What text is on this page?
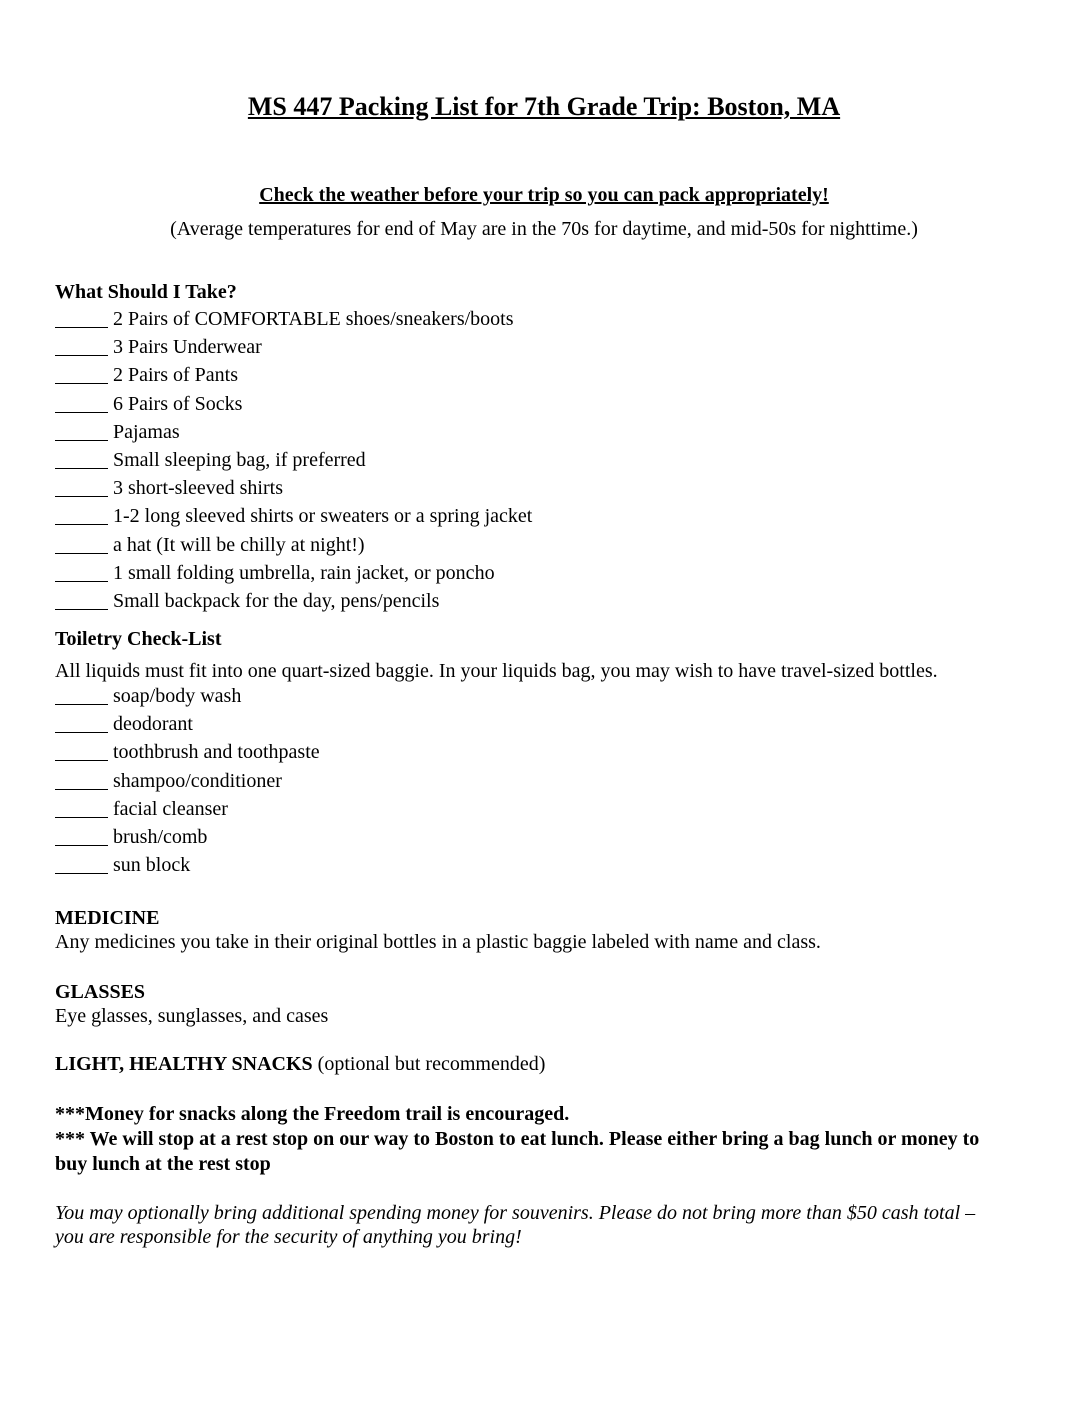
MS 447 Packing List for 7th Grade Trip: Boston, MA
Check the weather before your trip so you can pack appropriately!
(Average temperatures for end of May are in the 70s for daytime, and mid-50s for nighttime.)
What Should I Take?
2 Pairs of COMFORTABLE shoes/sneakers/boots
3 Pairs Underwear
2 Pairs of Pants
6 Pairs of Socks
Pajamas
Small sleeping bag, if preferred
3 short-sleeved shirts
1-2 long sleeved shirts or sweaters or a spring jacket
a hat (It will be chilly at night!)
1 small folding umbrella, rain jacket, or poncho
Small backpack for the day, pens/pencils
Toiletry Check-List
All liquids must fit into one quart-sized baggie. In your liquids bag, you may wish to have travel-sized bottles.
soap/body wash
deodorant
toothbrush and toothpaste
shampoo/conditioner
facial cleanser
brush/comb
sun block
MEDICINE
Any medicines you take in their original bottles in a plastic baggie labeled with name and class.
GLASSES
Eye glasses, sunglasses, and cases
LIGHT, HEALTHY SNACKS (optional but recommended)
***Money for snacks along the Freedom trail is encouraged.
*** We will stop at a rest stop on our way to Boston to eat lunch. Please either bring a bag lunch or money to
buy lunch at the rest stop
You may optionally bring additional spending money for souvenirs. Please do not bring more than $50 cash total –
you are responsible for the security of anything you bring!
